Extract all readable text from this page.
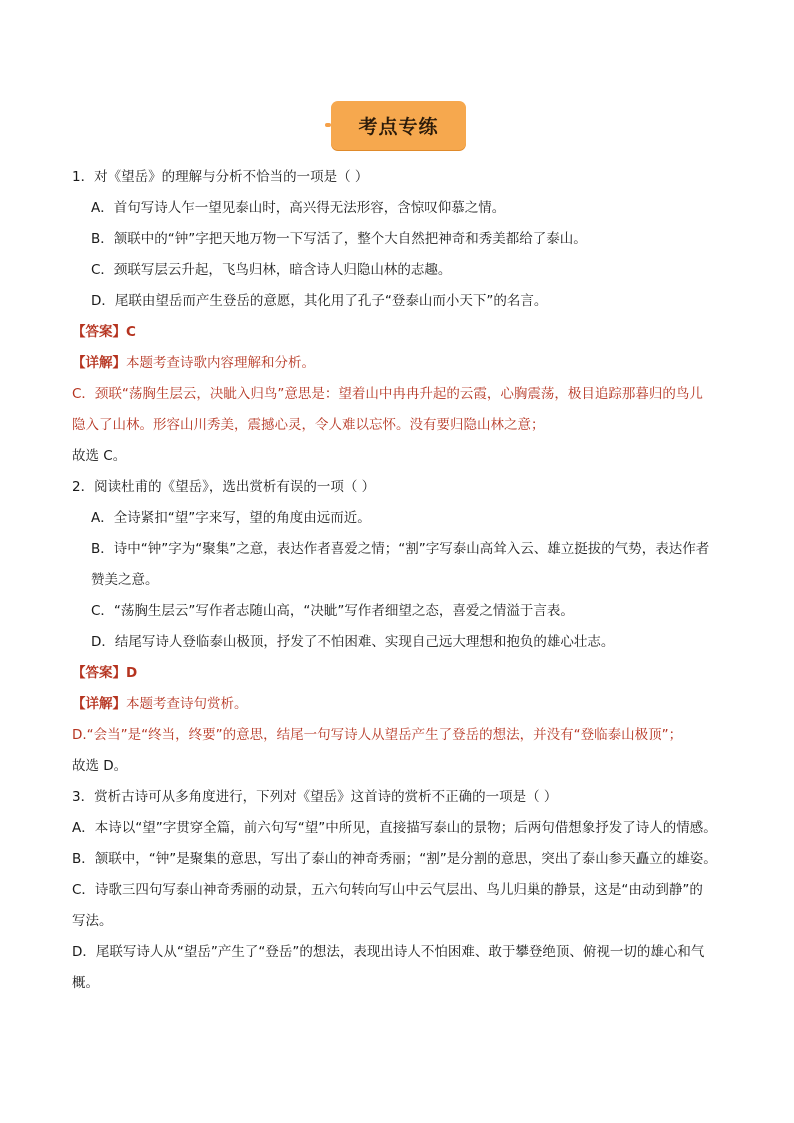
考点专练
1．对《望岳》的理解与分析不恰当的一项是（ ）
A．首句写诗人乍一望见泰山时，高兴得无法形容，含惊叹仰慕之情。
B．颔联中的“钟”字把天地万物一下写活了，整个大自然把神奇和秀美都给了泰山。
C．颈联写层云升起，飞鸟归林，暗含诗人归隐山林的志趣。
D．尾联由望岳而产生登岳的意愿，其化用了孔子“登泰山而小天下”的名言。
【答案】C
【详解】本题考查诗歌内容理解和分析。
C．颈联“荡胸生层云，决眦入归鸟”意思是：望着山中冉冉升起的云霞，心胸震荡，极目追踪那暮归的鸟儿
隐入了山林。形容山川秀美，震撼心灵，令人难以忘怀。没有要归隐山林之意；
故选 C。
2．阅读杜甫的《望岳》，选出赏析有误的一项（ ）
A．全诗紧扣“望”字来写，望的角度由远而近。
B．诗中“钟”字为“聚集”之意，表达作者喜爱之情；“割”字写泰山高耸入云、雄立挺拔的气势，表达作者
赞美之意。
C．“荡胸生层云”写作者志随山高，“决眦”写作者细望之态，喜爱之情溢于言表。
D．结尾写诗人登临泰山极顶，抒发了不怕困难、实现自己远大理想和抱负的雄心壮志。
【答案】D
【详解】本题考查诗句赏析。
D.“会当”是“终当，终要”的意思，结尾一句写诗人从望岳产生了登岳的想法，并没有“登临泰山极顶”；
故选 D。
3．赏析古诗可从多角度进行，下列对《望岳》这首诗的赏析不正确的一项是（ ）
A．本诗以“望”字贯穿全篇，前六句写“望”中所见，直接描写泰山的景物；后两句借想象抒发了诗人的情感。
B．颔联中，“钟”是聚集的意思，写出了泰山的神奇秀丽；“割”是分割的意思，突出了泰山参天矗立的雄姿。
C．诗歌三四句写泰山神奇秀丽的动景，五六句转向写山中云气层出、鸟儿归巢的静景，这是“由动到静”的
写法。
D．尾联写诗人从“望岳”产生了“登岳”的想法，表现出诗人不怕困难、敢于攀登绝顶、俯视一切的雄心和气
概。
